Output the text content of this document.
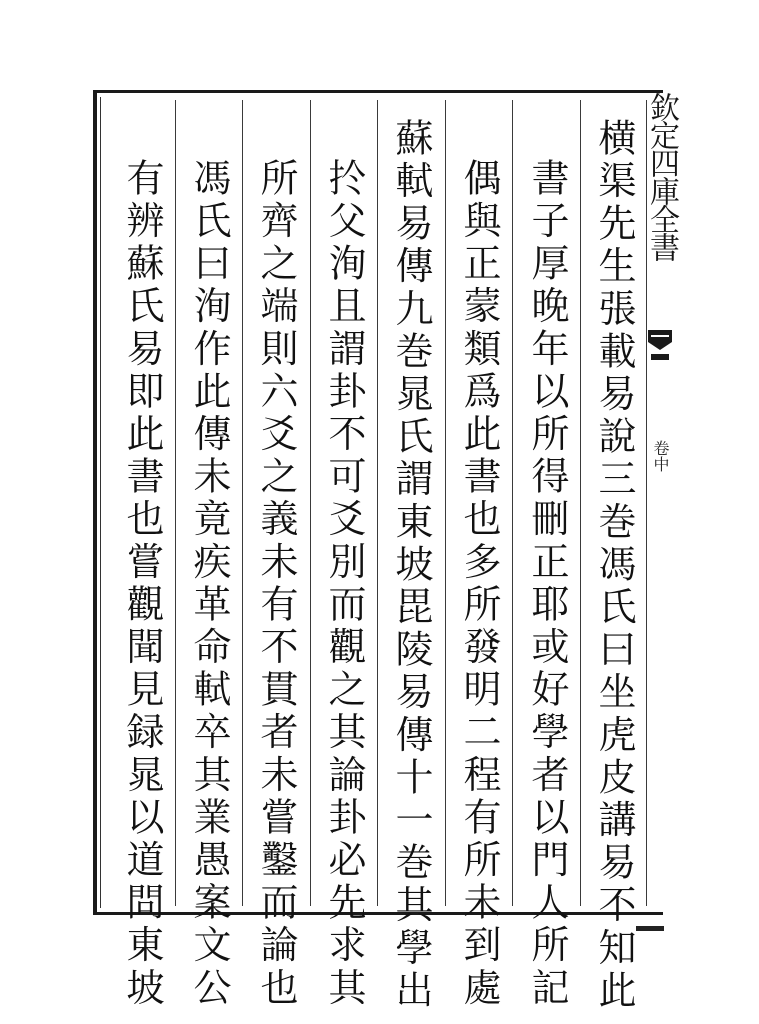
横渠先生張載易說三巻馮氏曰坐虎皮講易不知此
書子厚晚年以所得刪正耶或好學者以門人所記
偶與正蒙類爲此書也多所發明二程有所未到處
蘇軾易傳九巻晁氏謂東坡毘陵易傳十一巻其學出
扵父洵且謂卦不可爻別而觀之其論卦必先求其
所齊之端則六爻之義未有不貫者未嘗鑿而論也
馮氏曰洵作此傳未竟疾革命軾卒其業愚案文公
有辨蘇氏易即此書也嘗觀聞見録晁以道問東坡	欽定四庫全書
卷中
